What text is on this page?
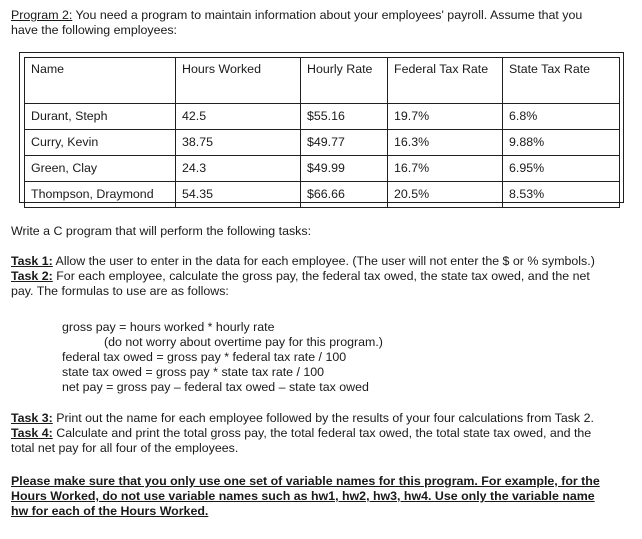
Program 2: You need a program to maintain information about your employees' payroll. Assume that you
have the following employees:
Name	Hours Worked	Hourly Rate	Federal Tax Rate	State Tax Rate
Durant, Steph	42.5	$55.16	19.7%	6.8%
Curry, Kevin	38.75	$49.77	16.3%	9.88%
Green, Clay	24.3	$49.99	16.7%	6.95%
Thompson, Draymond	54.35	$66.66	20.5%	8.53%
Write a C program that will perform the following tasks:
Task 1: Allow the user to enter in the data for each employee. (The user will not enter the $ or % symbols.)
Task 2: For each employee, calculate the gross pay, the federal tax owed, the state tax owed, and the net
pay. The formulas to use are as follows:
gross pay = hours worked * hourly rate
(do not worry about overtime pay for this program.)
federal tax owed = gross pay * federal tax rate / 100
state tax owed = gross pay * state tax rate / 100
net pay = gross pay – federal tax owed – state tax owed
Task 3: Print out the name for each employee followed by the results of your four calculations from Task 2.
Task 4: Calculate and print the total gross pay, the total federal tax owed, the total state tax owed, and the
total net pay for all four of the employees.
Please make sure that you only use one set of variable names for this program. For example, for the
Hours Worked, do not use variable names such as hw1, hw2, hw3, hw4. Use only the variable name
hw for each of the Hours Worked.
